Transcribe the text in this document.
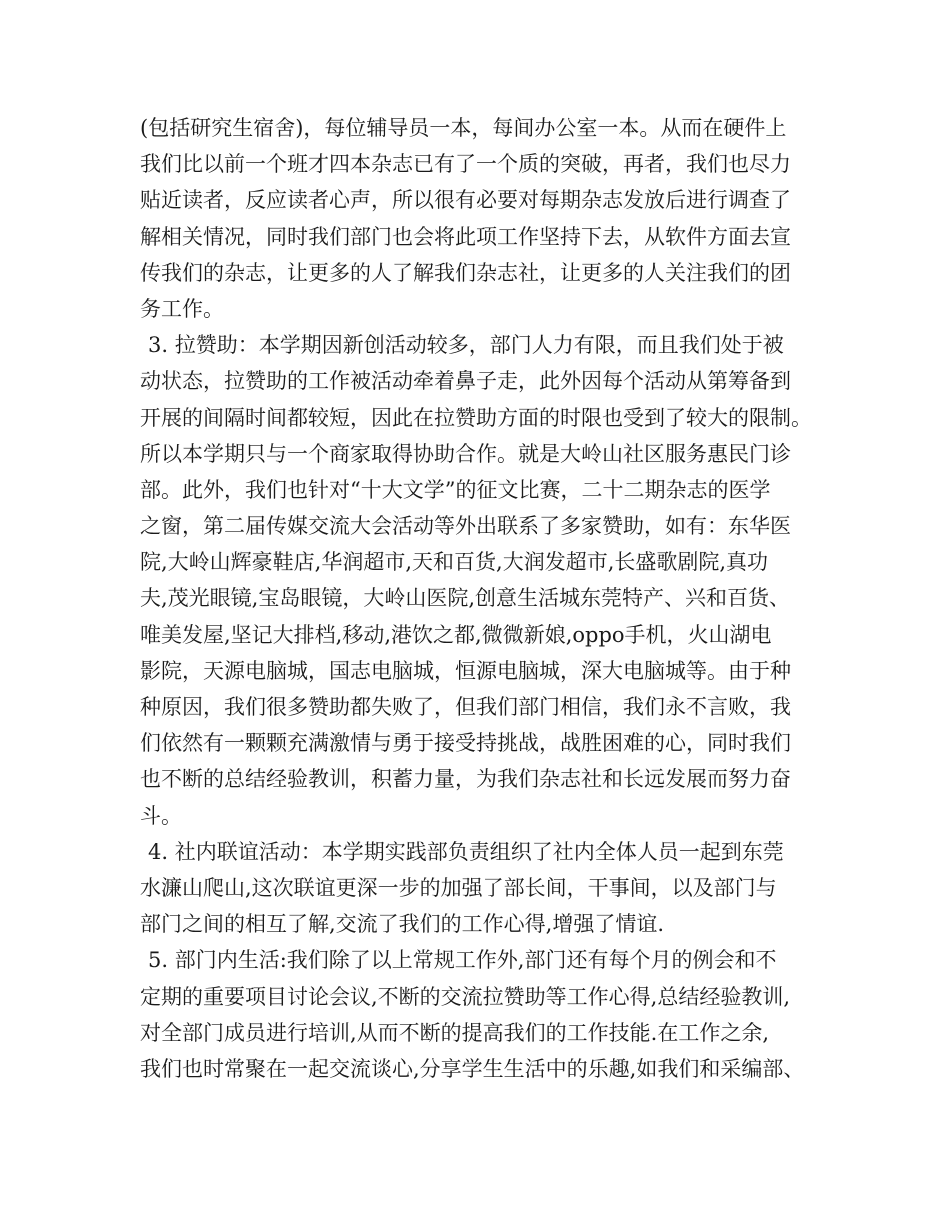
(包括研究生宿舍)，每位辅导员一本，每间办公室一本。从而在硬件上
我们比以前一个班才四本杂志已有了一个质的突破，再者，我们也尽力
贴近读者，反应读者心声，所以很有必要对每期杂志发放后进行调查了
解相关情况，同时我们部门也会将此项工作坚持下去，从软件方面去宣
传我们的杂志，让更多的人了解我们杂志社，让更多的人关注我们的团
务工作。
3. 拉赞助：本学期因新创活动较多，部门人力有限，而且我们处于被
动状态，拉赞助的工作被活动牵着鼻子走，此外因每个活动从第筹备到
开展的间隔时间都较短，因此在拉赞助方面的时限也受到了较大的限制。
所以本学期只与一个商家取得协助合作。就是大岭山社区服务惠民门诊
部。此外，我们也针对“十大文学”的征文比赛，二十二期杂志的医学
之窗，第二届传媒交流大会活动等外出联系了多家赞助，如有：东华医
院,大岭山辉豪鞋店,华润超市,天和百货,大润发超市,长盛歌剧院,真功
夫,茂光眼镜,宝岛眼镜，大岭山医院,创意生活城东莞特产、兴和百货、
唯美发屋,坚记大排档,移动,港饮之都,微微新娘,oppo手机，火山湖电
影院，天源电脑城，国志电脑城，恒源电脑城，深大电脑城等。由于种
种原因，我们很多赞助都失败了，但我们部门相信，我们永不言败，我
们依然有一颗颗充满激情与勇于接受持挑战，战胜困难的心，同时我们
也不断的总结经验教训，积蓄力量，为我们杂志社和长远发展而努力奋
斗。
4. 社内联谊活动：本学期实践部负责组织了社内全体人员一起到东莞
水濂山爬山,这次联谊更深一步的加强了部长间，干事间，以及部门与
部门之间的相互了解,交流了我们的工作心得,增强了情谊.
5. 部门内生活:我们除了以上常规工作外,部门还有每个月的例会和不
定期的重要项目讨论会议,不断的交流拉赞助等工作心得,总结经验教训,
对全部门成员进行培训,从而不断的提高我们的工作技能.在工作之余,
我们也时常聚在一起交流谈心,分享学生生活中的乐趣,如我们和采编部、
